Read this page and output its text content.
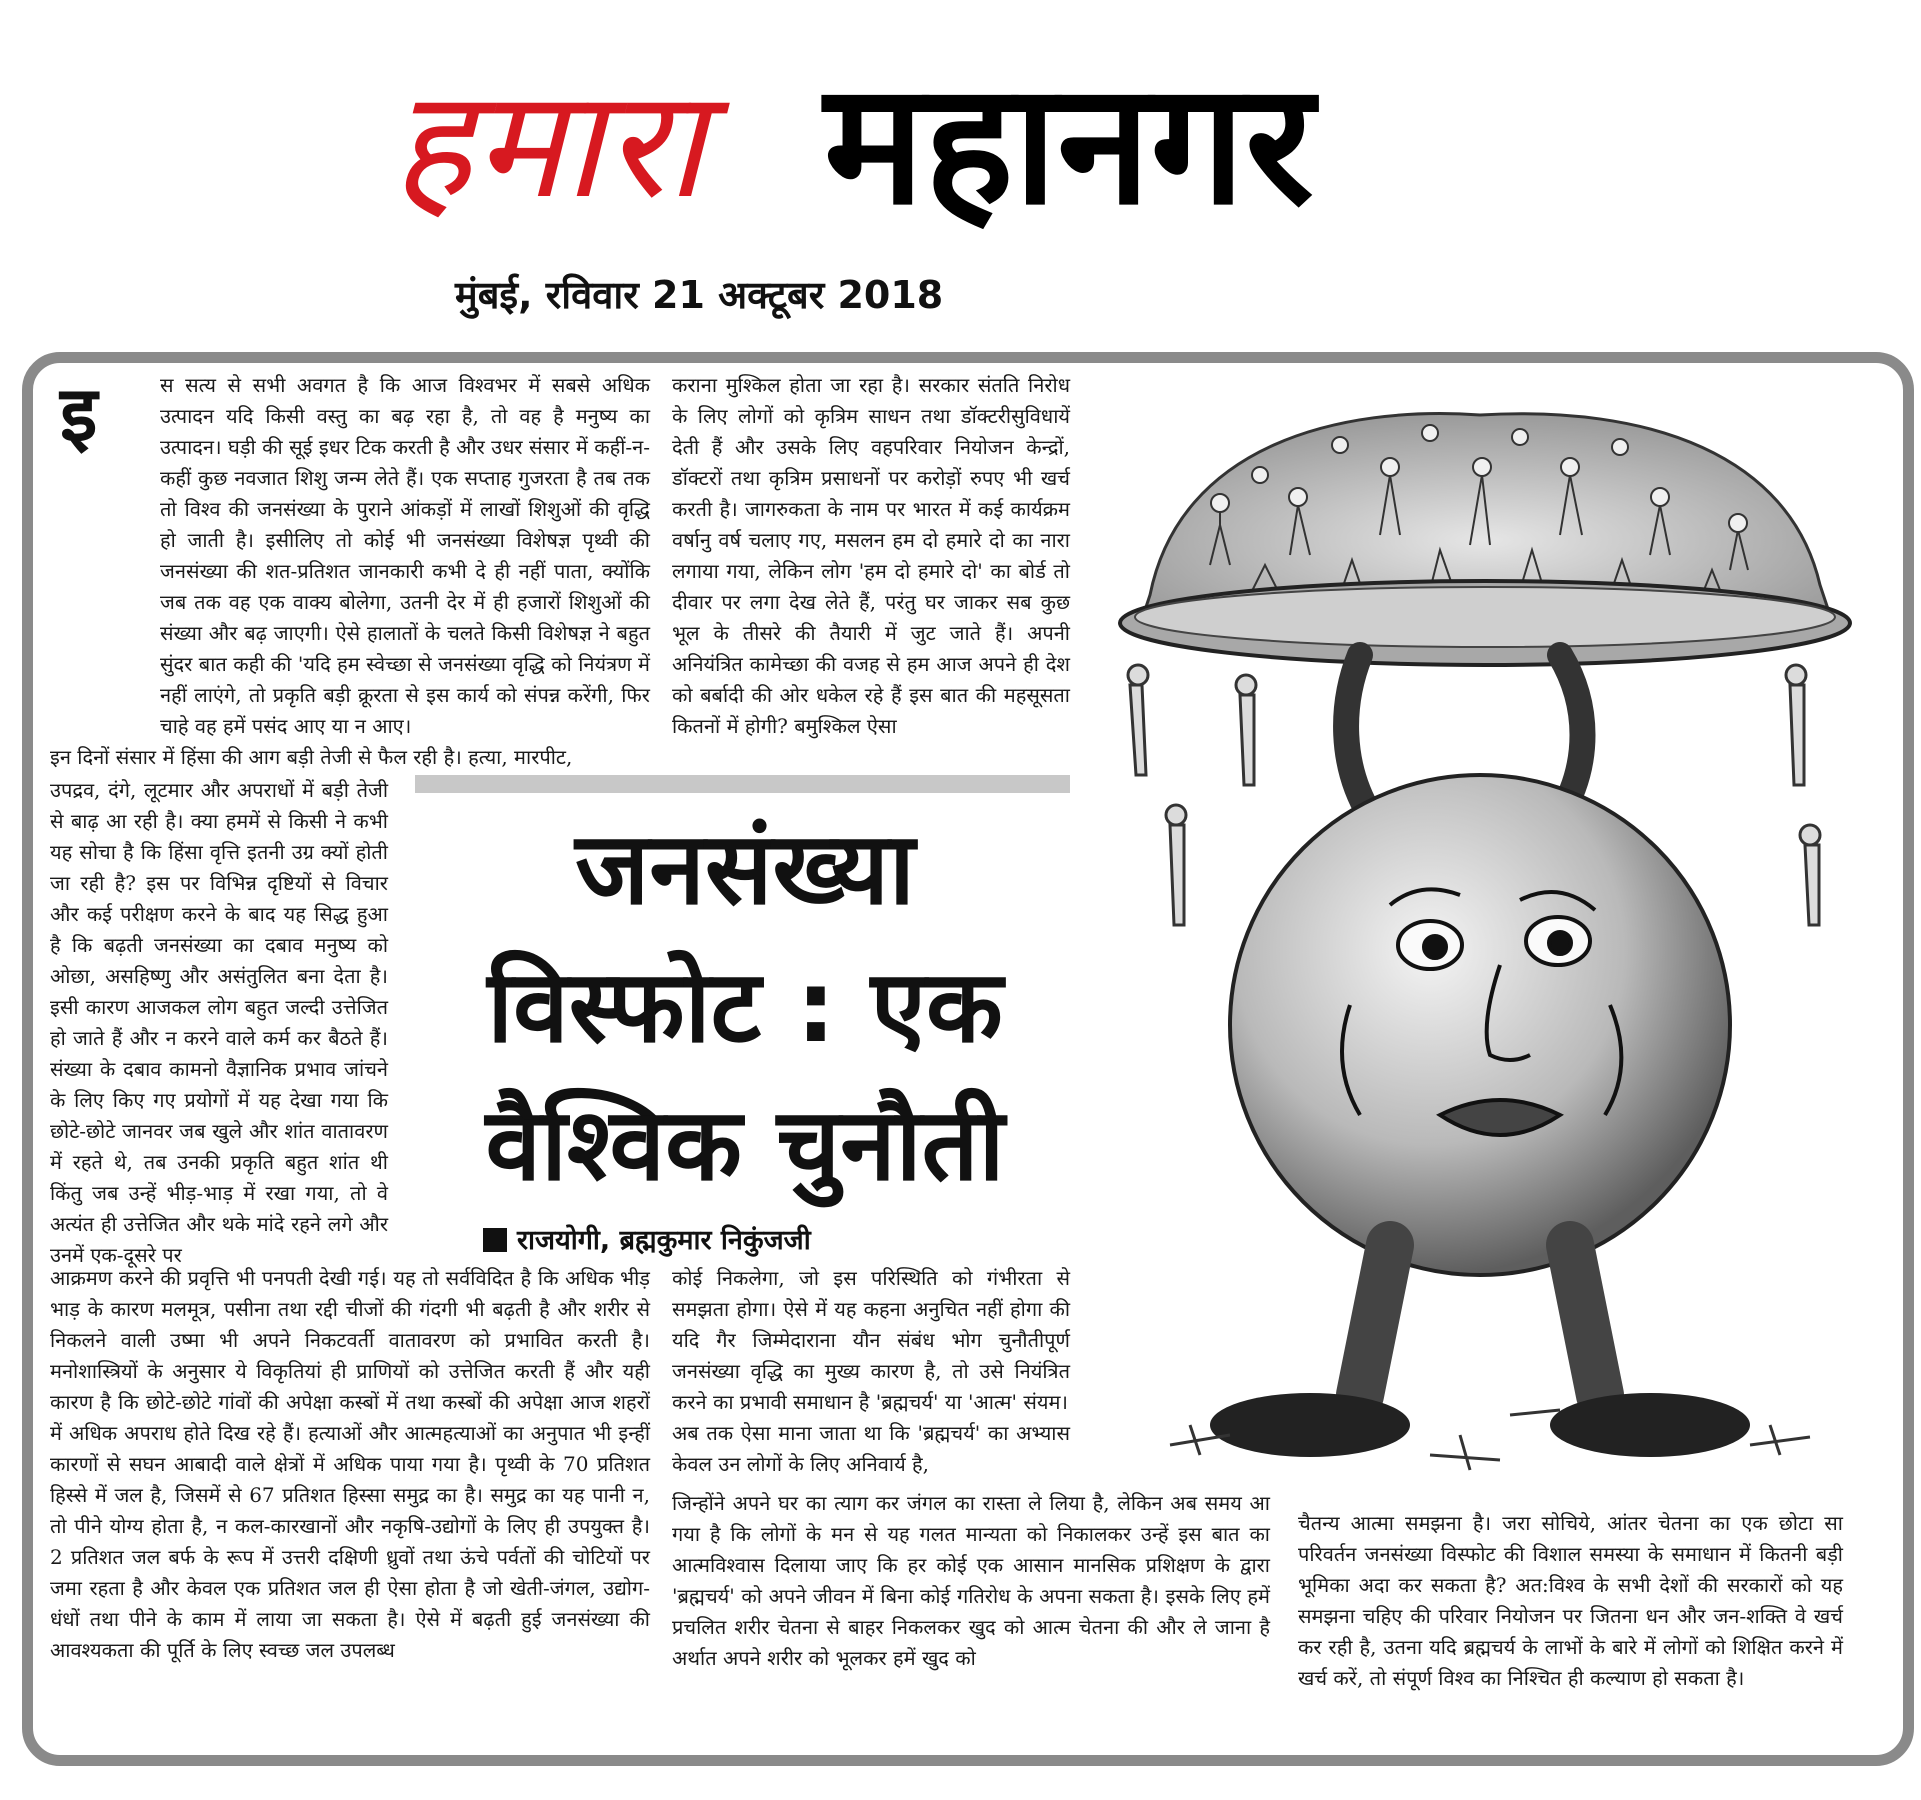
हमारा महानगर
मुंबई, रविवार 21 अक्टूबर 2018
इ	स सत्य से सभी अवगत है कि आज विश्वभर में सबसे अधिक उत्पादन यदि किसी वस्तु का बढ़ रहा है, तो वह है मनुष्य का उत्पादन। घड़ी की सूई इधर टिक करती है और उधर संसार में कहीं-न-कहीं कुछ नवजात शिशु जन्म लेते हैं। एक सप्ताह गुजरता है तब तक तो विश्व की जनसंख्या के पुराने आंकड़ों में लाखों शिशुओं की वृद्धि हो जाती है। इसीलिए तो कोई भी जनसंख्या विशेषज्ञ पृथ्वी की जनसंख्या की शत-प्रतिशत जानकारी कभी दे ही नहीं पाता, क्योंकि जब तक वह एक वाक्य बोलेगा, उतनी देर में ही हजारों शिशुओं की संख्या और बढ़ जाएगी। ऐसे हालातों के चलते किसी विशेषज्ञ ने बहुत सुंदर बात कही की 'यदि हम स्वेच्छा से जनसंख्या वृद्धि को नियंत्रण में नहीं लाएंगे, तो प्रकृति बड़ी क्रूरता से इस कार्य को संपन्न करेंगी, फिर चाहे वह हमें पसंद आए या न आए।

इन दिनों संसार में हिंसा की आग बड़ी तेजी से फैल रही है। हत्या, मारपीट,

उपद्रव, दंगे, लूटमार और अपराधों में बड़ी तेजी से बाढ़ आ रही है। क्या हममें से किसी ने कभी यह सोचा है कि हिंसा वृत्ति इतनी उग्र क्यों होती जा रही है? इस पर विभिन्न दृष्टियों से विचार और कई परीक्षण करने के बाद यह सिद्ध हुआ है कि बढ़ती जनसंख्या का दबाव मनुष्य को ओछा, असहिष्णु और असंतुलित बना देता है। इसी कारण आजकल लोग बहुत जल्दी उत्तेजित हो जाते हैं और न करने वाले कर्म कर बैठते हैं। संख्या के दबाव कामनो वैज्ञानिक प्रभाव जांचने के लिए किए गए प्रयोगों में यह देखा गया कि छोटे-छोटे जानवर जब खुले और शांत वातावरण में रहते थे, तब उनकी प्रकृति बहुत शांत थी किंतु जब उन्हें भीड़-भाड़ में रखा गया, तो वे अत्यंत ही उत्तेजित और थके मांदे रहने लगे और उनमें एक-दूसरे पर

आक्रमण करने की प्रवृत्ति भी पनपती देखी गई। यह तो सर्वविदित है कि अधिक भीड़ भाड़ के कारण मलमूत्र, पसीना तथा रद्दी चीजों की गंदगी भी बढ़ती है और शरीर से निकलने वाली उष्मा भी अपने निकटवर्ती वातावरण को प्रभावित करती है। मनोशास्त्रियों के अनुसार ये विकृतियां ही प्राणियों को उत्तेजित करती हैं और यही कारण है कि छोटे-छोटे गांवों की अपेक्षा कस्बों में तथा कस्बों की अपेक्षा आज शहरों में अधिक अपराध होते दिख रहे हैं। हत्याओं और आत्महत्याओं का अनुपात भी इन्हीं कारणों से सघन आबादी वाले क्षेत्रों में अधिक पाया गया है। पृथ्वी के 70 प्रतिशत हिस्से में जल है, जिसमें से 67 प्रतिशत हिस्सा समुद्र का है। समुद्र का यह पानी न, तो पीने योग्य होता है, न कल-कारखानों और नकृषि-उद्योगों के लिए ही उपयुक्त है। 2 प्रतिशत जल बर्फ के रूप में उत्तरी दक्षिणी ध्रुवों तथा ऊंचे पर्वतों की चोटियों पर जमा रहता है और केवल एक प्रतिशत जल ही ऐसा होता है जो खेती-जंगल, उद्योग-धंधों तथा पीने के काम में लाया जा सकता है। ऐसे में बढ़ती हुई जनसंख्या की आवश्यकता की पूर्ति के लिए स्वच्छ जल उपलब्ध

कराना मुश्किल होता जा रहा है। सरकार संतति निरोध के लिए लोगों को कृत्रिम साधन तथा डॉक्टरीसुविधायें देती हैं और उसके लिए वहपरिवार नियोजन केन्द्रों, डॉक्टरों तथा कृत्रिम प्रसाधनों पर करोड़ों रुपए भी खर्च करती है। जागरुकता के नाम पर भारत में कई कार्यक्रम वर्षानु वर्ष चलाए गए, मसलन हम दो हमारे दो का नारा लगाया गया, लेकिन लोग 'हम दो हमारे दो' का बोर्ड तो दीवार पर लगा देख लेते हैं, परंतु घर जाकर सब कुछ भूल के तीसरे की तैयारी में जुट जाते हैं। अपनी अनियंत्रित कामेच्छा की वजह से हम आज अपने ही देश को बर्बादी की ओर धकेल रहे हैं इस बात की महसूसता कितनों में होगी? बमुश्किल ऐसा

कोई निकलेगा, जो इस परिस्थिति को गंभीरता से समझता होगा। ऐसे में यह कहना अनुचित नहीं होगा की यदि गैर जिम्मेदाराना यौन संबंध भोग चुनौतीपूर्ण जनसंख्या वृद्धि का मुख्य कारण है, तो उसे नियंत्रित करने का प्रभावी समाधान है 'ब्रह्मचर्य' या 'आत्म' संयम।

अब तक ऐसा माना जाता था कि 'ब्रह्मचर्य' का अभ्यास केवल उन लोगों के लिए अनिवार्य है,

जिन्होंने अपने घर का त्याग कर जंगल का रास्ता ले लिया है, लेकिन अब समय आ गया है कि लोगों के मन से यह गलत मान्यता को निकालकर उन्हें इस बात का आत्मविश्वास दिलाया जाए कि हर कोई एक आसान मानसिक प्रशिक्षण के द्वारा 'ब्रह्मचर्य' को अपने जीवन में बिना कोई गतिरोध के अपना सकता है। इसके लिए हमें प्रचलित शरीर चेतना से बाहर निकलकर खुद को आत्म चेतना की और ले जाना है अर्थात अपने शरीर को भूलकर हमें खुद को

चैतन्य आत्मा समझना है। जरा सोचिये, आंतर चेतना का एक छोटा सा परिवर्तन जनसंख्या विस्फोट की विशाल समस्या के समाधान में कितनी बड़ी भूमिका अदा कर सकता है? अत:विश्व के सभी देशों की सरकारों को यह समझना चहिए की परिवार नियोजन पर जितना धन और जन-शक्ति वे खर्च कर रही है, उतना यदि ब्रह्मचर्य के लाभों के बारे में लोगों को शिक्षित करने में खर्च करें, तो संपूर्ण विश्व का निश्चित ही कल्याण हो सकता है।

जनसंख्या
विस्फोट : एक
वैश्विक चुनौती
राजयोगी, ब्रह्मकुमार निकुंजजी
